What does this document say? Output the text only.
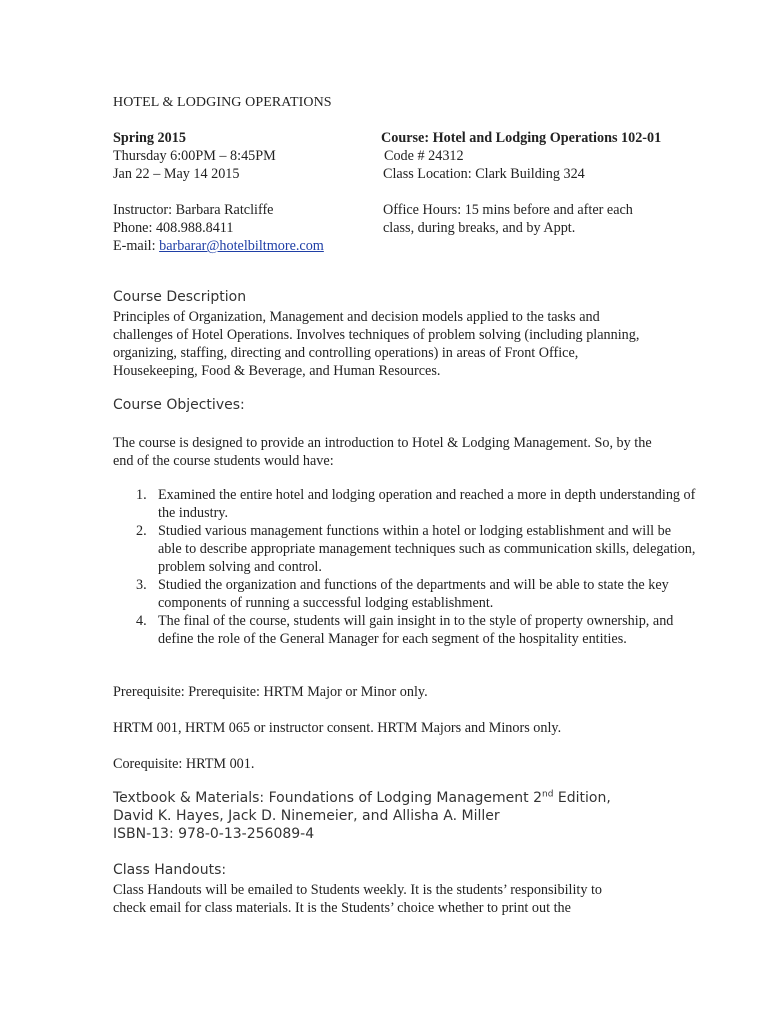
HOTEL & LODGING OPERATIONS
Spring 2015
Thursday 6:00PM – 8:45PM
Jan 22 – May 14 2015
Instructor: Barbara Ratcliffe
Phone: 408.988.8411
E-mail: barbarar@hotelbiltmore.com
Course: Hotel and Lodging Operations 102-01
Code # 24312
Class Location: Clark Building 324
Office Hours: 15 mins before and after each
class, during breaks, and by Appt.
Course Description
Principles of Organization, Management and decision models applied to the tasks and challenges of Hotel Operations. Involves techniques of problem solving (including planning, organizing, staffing, directing and controlling operations) in areas of Front Office, Housekeeping, Food & Beverage, and Human Resources.
Course Objectives:
The course is designed to provide an introduction to Hotel & Lodging Management. So, by the end of the course students would have:
Examined the entire hotel and lodging operation and reached a more in depth understanding of the industry.
Studied various management functions within a hotel or lodging establishment and will be able to describe appropriate management techniques such as communication skills, delegation, problem solving and control.
Studied the organization and functions of the departments and will be able to state the key components of running a successful lodging establishment.
The final of the course, students will gain insight in to the style of property ownership, and define the role of the General Manager for each segment of the hospitality entities.
Prerequisite: Prerequisite: HRTM Major or Minor only.
HRTM 001, HRTM 065 or instructor consent. HRTM Majors and Minors only.
Corequisite: HRTM 001.
Textbook & Materials: Foundations of Lodging Management 2nd Edition,
David K. Hayes, Jack D. Ninemeier, and Allisha A. Miller
ISBN-13: 978-0-13-256089-4
Class Handouts:
Class Handouts will be emailed to Students weekly. It is the students’ responsibility to
check email for class materials. It is the Students’ choice whether to print out the
